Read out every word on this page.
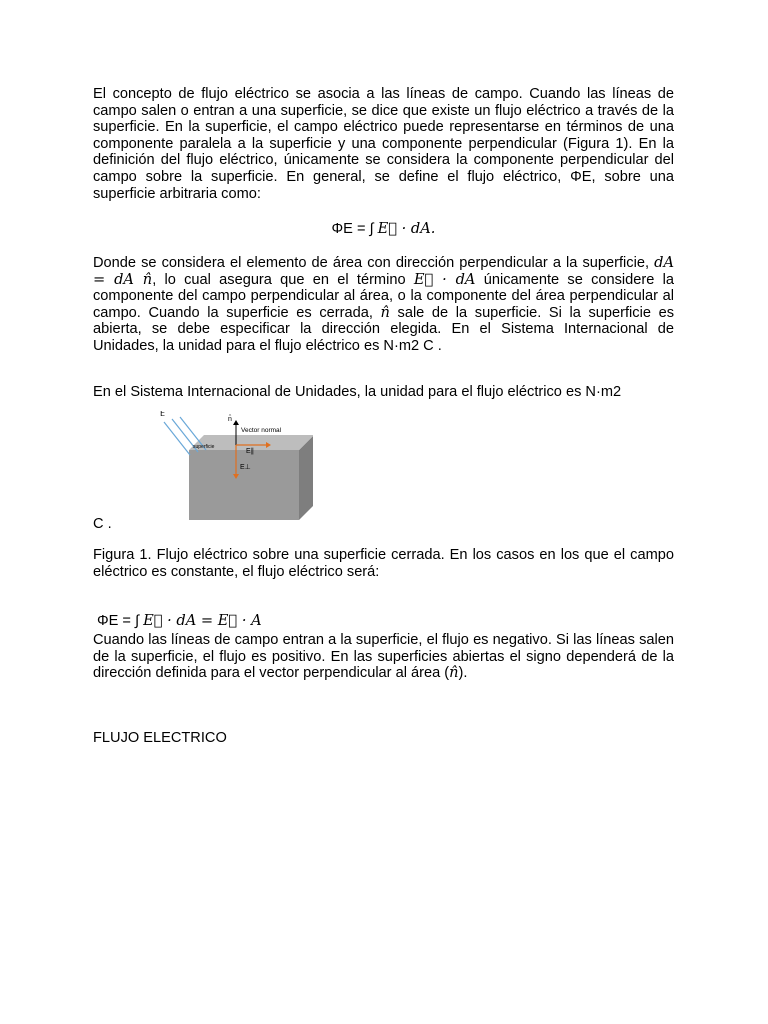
El concepto de flujo eléctrico se asocia a las líneas de campo. Cuando las líneas de campo salen o entran a una superficie, se dice que existe un flujo eléctrico a través de la superficie. En la superficie, el campo eléctrico puede representarse en términos de una componente paralela a la superficie y una componente perpendicular (Figura 1). En la definición del flujo eléctrico, únicamente se considera la componente perpendicular del campo sobre la superficie. En general, se define el flujo eléctrico, ΦE, sobre una superficie arbitraria como:

ΦE = ∫ E⃗ · dA.

Donde se considera el elemento de área con dirección perpendicular a la superficie, dA = dA n̂, lo cual asegura que en el término E⃗ · dA únicamente se considere la componente del campo perpendicular al área, o la componente del área perpendicular al campo. Cuando la superficie es cerrada, n̂ sale de la superficie. Si la superficie es abierta, se debe especificar la dirección elegida. En el Sistema Internacional de Unidades, la unidad para el flujo eléctrico es N·m2 C .

En el Sistema Internacional de Unidades, la unidad para el flujo eléctrico es N·m2

E⃗
n̂
Vector normal
E∥
E⊥
superficie
C .

Figura 1. Flujo eléctrico sobre una superficie cerrada. En los casos en los que el campo eléctrico es constante, el flujo eléctrico será:

ΦE = ∫ E⃗ · dA = E⃗ · A

Cuando las líneas de campo entran a la superficie, el flujo es negativo. Si las líneas salen de la superficie, el flujo es positivo. En las superficies abiertas el signo dependerá de la dirección definida para el vector perpendicular al área (n̂).

FLUJO ELECTRICO
